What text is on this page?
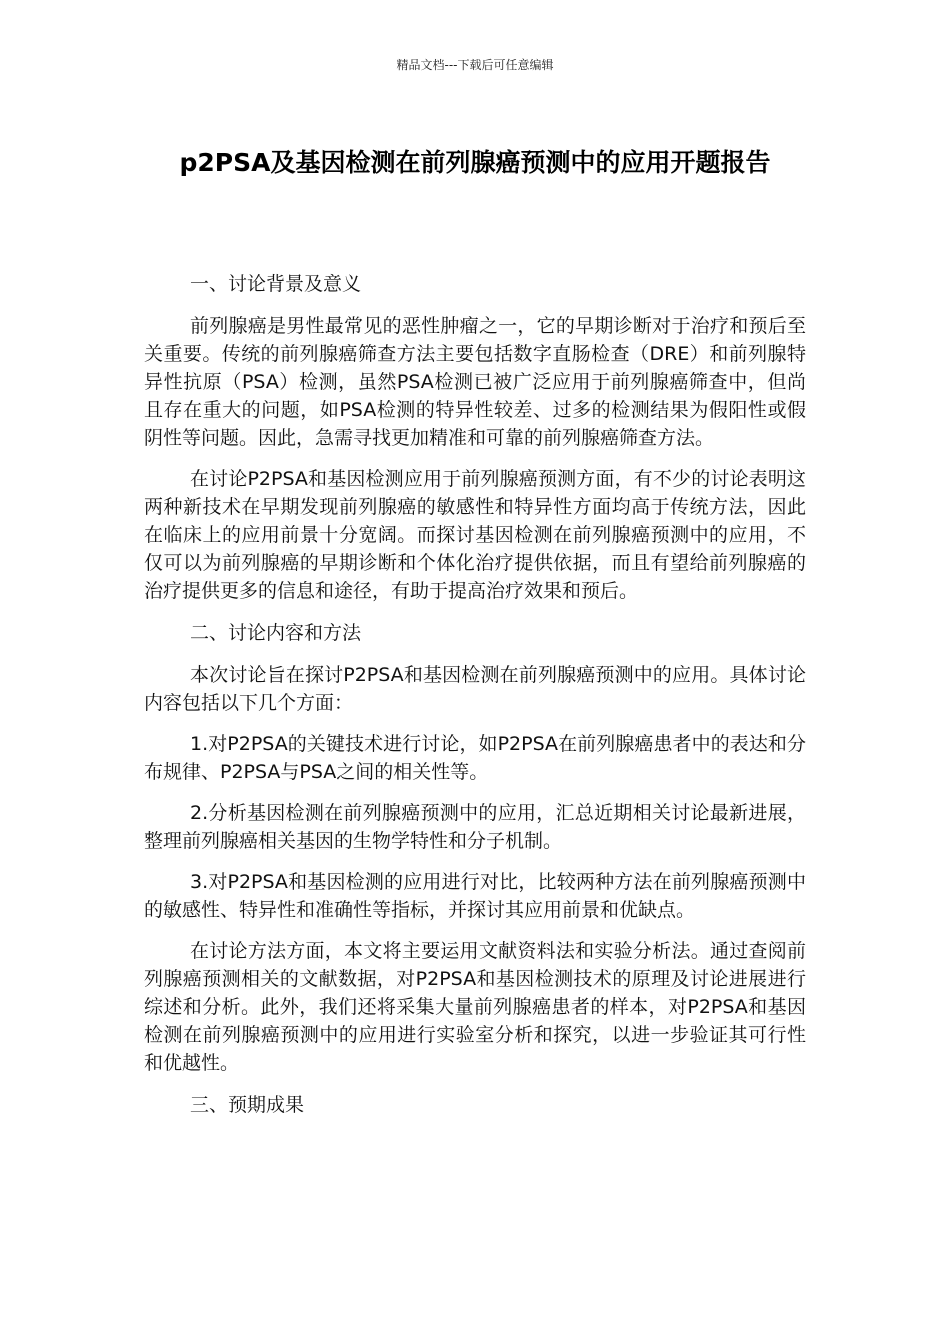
精品文档---下载后可任意编辑
p2PSA及基因检测在前列腺癌预测中的应用开题报告

一、讨论背景及意义

前列腺癌是男性最常见的恶性肿瘤之一，它的早期诊断对于治疗和预后至关重要。传统的前列腺癌筛查方法主要包括数字直肠检查（DRE）和前列腺特异性抗原（PSA）检测，虽然PSA检测已被广泛应用于前列腺癌筛查中，但尚且存在重大的问题，如PSA检测的特异性较差、过多的检测结果为假阳性或假阴性等问题。因此，急需寻找更加精准和可靠的前列腺癌筛查方法。

在讨论P2PSA和基因检测应用于前列腺癌预测方面，有不少的讨论表明这两种新技术在早期发现前列腺癌的敏感性和特异性方面均高于传统方法，因此在临床上的应用前景十分宽阔。而探讨基因检测在前列腺癌预测中的应用，不仅可以为前列腺癌的早期诊断和个体化治疗提供依据，而且有望给前列腺癌的治疗提供更多的信息和途径，有助于提高治疗效果和预后。

二、讨论内容和方法

本次讨论旨在探讨P2PSA和基因检测在前列腺癌预测中的应用。具体讨论内容包括以下几个方面：

1.对P2PSA的关键技术进行讨论，如P2PSA在前列腺癌患者中的表达和分布规律、P2PSA与PSA之间的相关性等。

2.分析基因检测在前列腺癌预测中的应用，汇总近期相关讨论最新进展，整理前列腺癌相关基因的生物学特性和分子机制。

3.对P2PSA和基因检测的应用进行对比，比较两种方法在前列腺癌预测中的敏感性、特异性和准确性等指标，并探讨其应用前景和优缺点。

在讨论方法方面，本文将主要运用文献资料法和实验分析法。通过查阅前列腺癌预测相关的文献数据，对P2PSA和基因检测技术的原理及讨论进展进行综述和分析。此外，我们还将采集大量前列腺癌患者的样本，对P2PSA和基因检测在前列腺癌预测中的应用进行实验室分析和探究，以进一步验证其可行性和优越性。

三、预期成果
